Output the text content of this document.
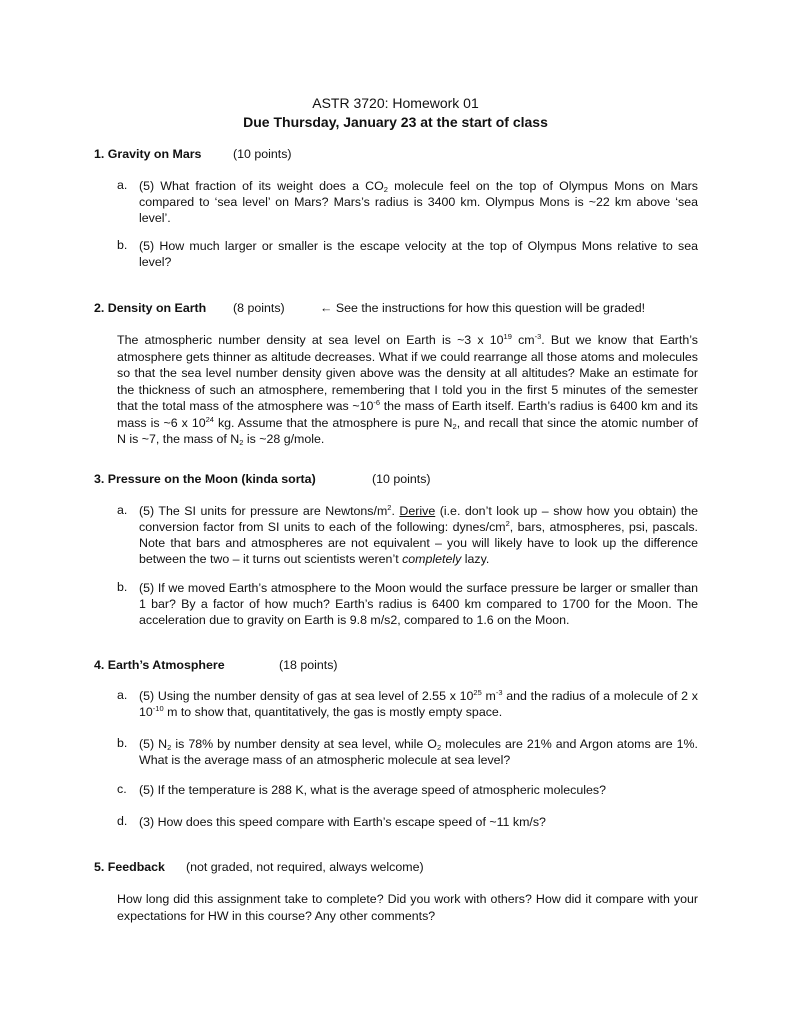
ASTR 3720: Homework 01
Due Thursday, January 23 at the start of class
1. Gravity on Mars	(10 points)
a. (5) What fraction of its weight does a $CO_2$ molecule feel on the top of Olympus Mons on Mars compared to ‘sea level’ on Mars? Mars’s radius is 3400 km. Olympus Mons is ~22 km above ‘sea level’.
b. (5) How much larger or smaller is the escape velocity at the top of Olympus Mons relative to sea level?
2. Density on Earth (8 points)	← See the instructions for how this question will be graded!
The atmospheric number density at sea level on Earth is ~3 x $10^{19}$ $cm^{-3}$. But we know that Earth’s atmosphere gets thinner as altitude decreases. What if we could rearrange all those atoms and molecules so that the sea level number density given above was the density at all altitudes? Make an estimate for the thickness of such an atmosphere, remembering that I told you in the first 5 minutes of the semester that the total mass of the atmosphere was $\sim 10^{-6}$ the mass of Earth itself. Earth’s radius is 6400 km and its mass is ~6 x $10^{24}$ kg. Assume that the atmosphere is pure $N_2$, and recall that since the atomic number of N is ~7, the mass of $N_2$ is ~28 g/mole.
3. Pressure on the Moon (kinda sorta)	(10 points)
a. (5) The SI units for pressure are Newtons/$m^2$. Derive (i.e. don’t look up – show how you obtain) the conversion factor from SI units to each of the following: dynes/$cm^2$, bars, atmospheres, psi, pascals. Note that bars and atmospheres are not equivalent – you will likely have to look up the difference between the two – it turns out scientists weren’t completely lazy.
b. (5) If we moved Earth’s atmosphere to the Moon would the surface pressure be larger or smaller than 1 bar? By a factor of how much? Earth’s radius is 6400 km compared to 1700 for the Moon. The acceleration due to gravity on Earth is 9.8 m/s2, compared to 1.6 on the Moon.
4. Earth’s Atmosphere	(18 points)
a. (5) Using the number density of gas at sea level of 2.55 x $10^{25}$ $m^{-3}$ and the radius of a molecule of 2 x $10^{-10}$ m to show that, quantitatively, the gas is mostly empty space.
b. (5) $N_2$ is 78% by number density at sea level, while $O_2$ molecules are 21% and Argon atoms are 1%. What is the average mass of an atmospheric molecule at sea level?
c. (5) If the temperature is 288 K, what is the average speed of atmospheric molecules?
d. (3) How does this speed compare with Earth’s escape speed of ~11 km/s?
5. Feedback (not graded, not required, always welcome)
How long did this assignment take to complete? Did you work with others? How did it compare with your expectations for HW in this course? Any other comments?
